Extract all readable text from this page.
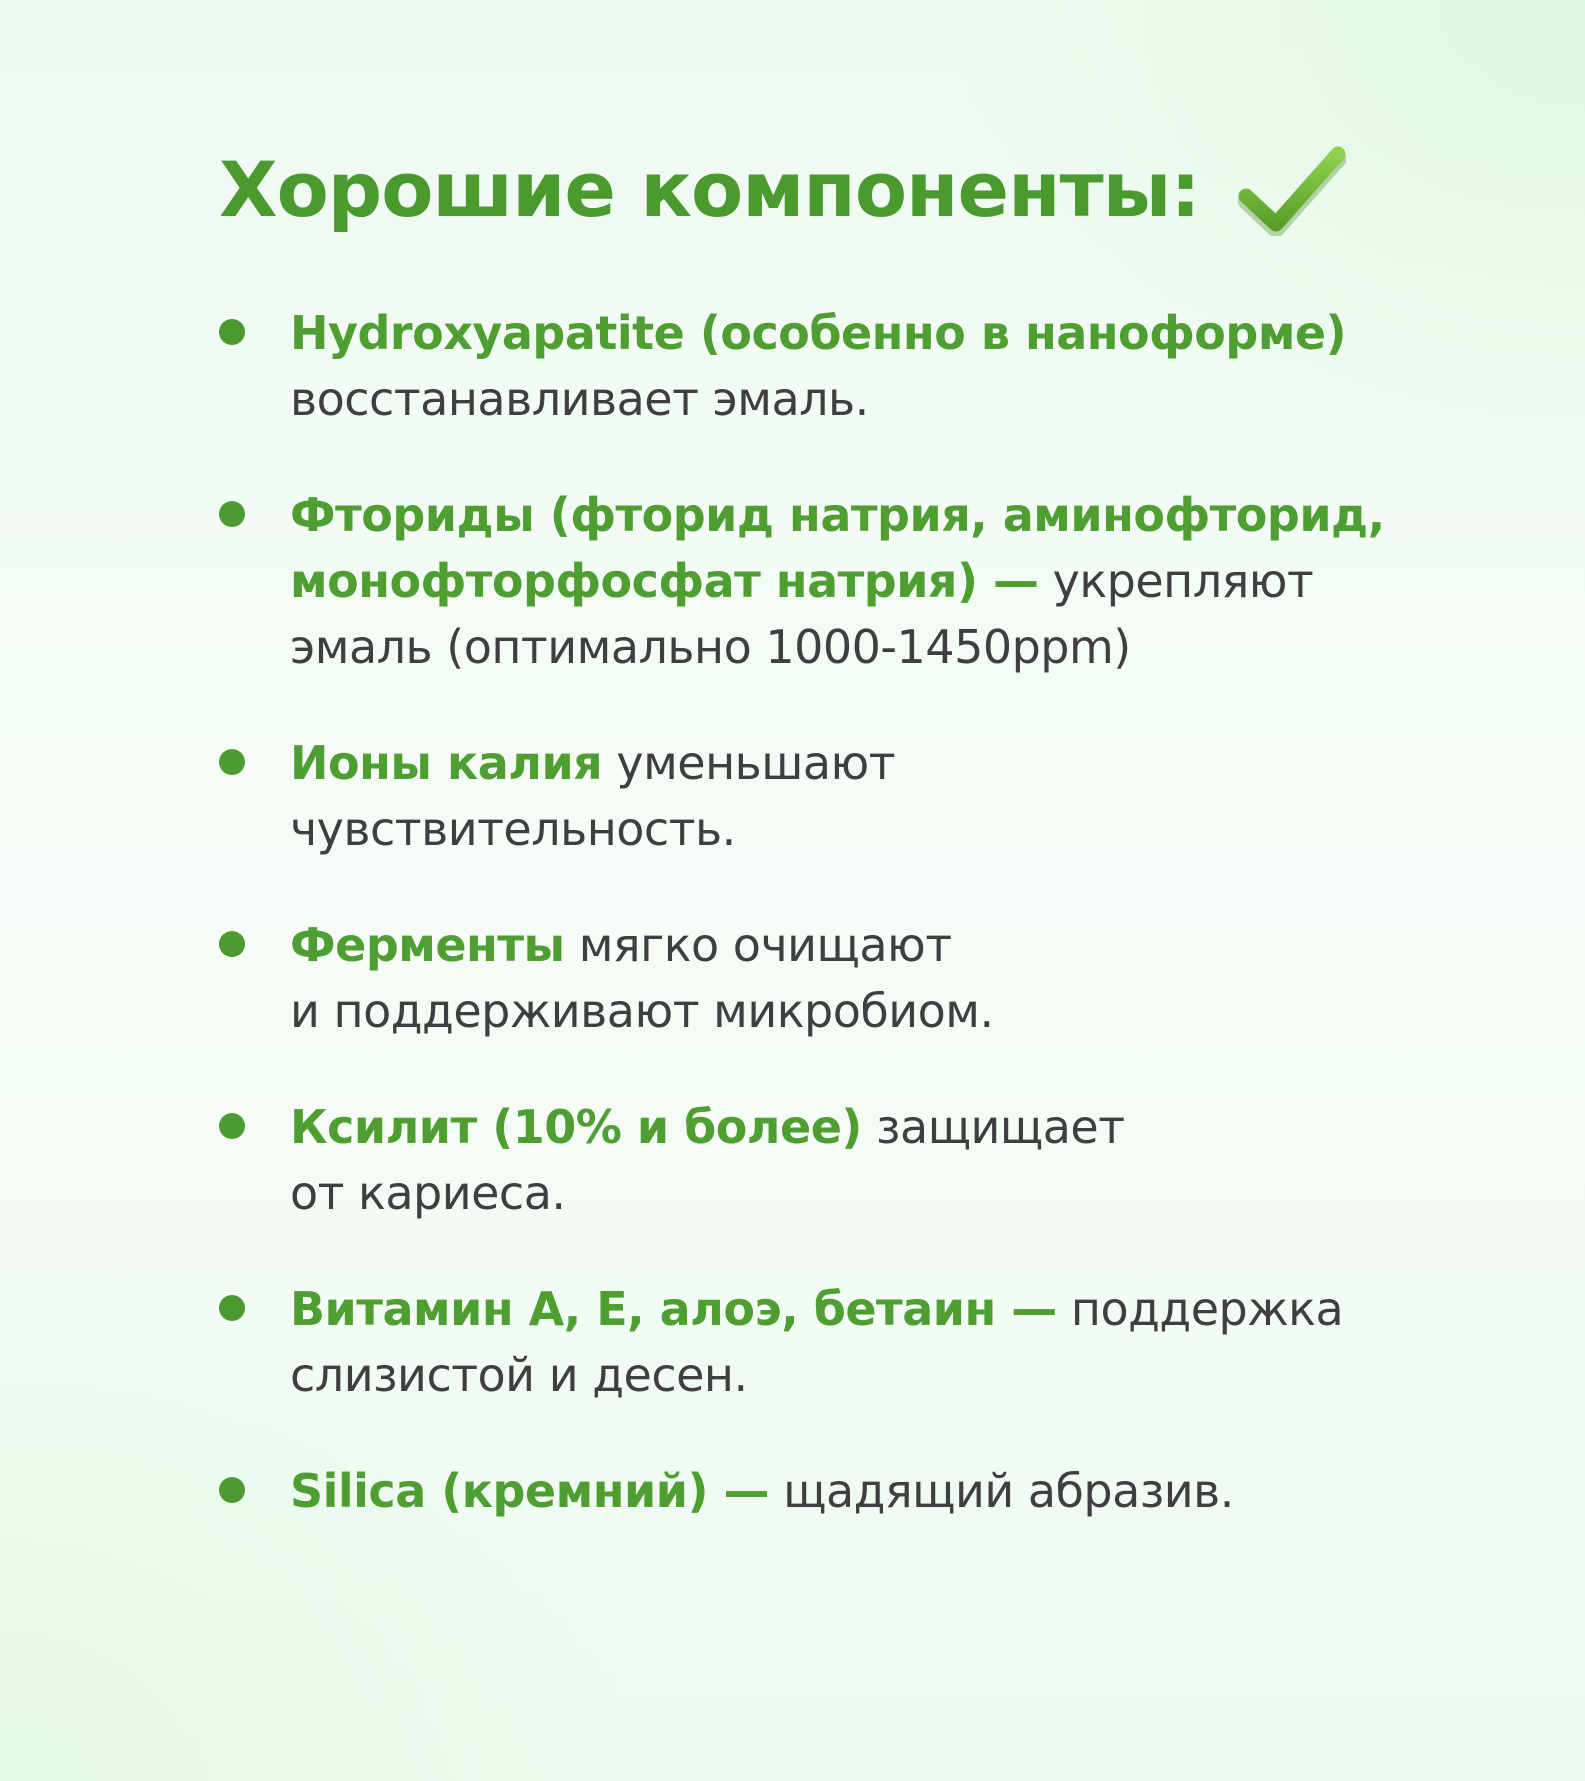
Хорошие компоненты:
Hydroxyapatite (особенно в наноформе)
восстанавливает эмаль.
Фториды (фторид натрия, аминофторид,
монофторфосфат натрия) — укрепляют
эмаль (оптимально 1000-1450ppm)
Ионы калия уменьшают
чувствительность.
Ферменты мягко очищают
и поддерживают микробиом.
Ксилит (10% и более) защищает
от кариеса.
Витамин А, Е, алоэ, бетаин — поддержка
слизистой и десен.
Silica (кремний) — щадящий абразив.
